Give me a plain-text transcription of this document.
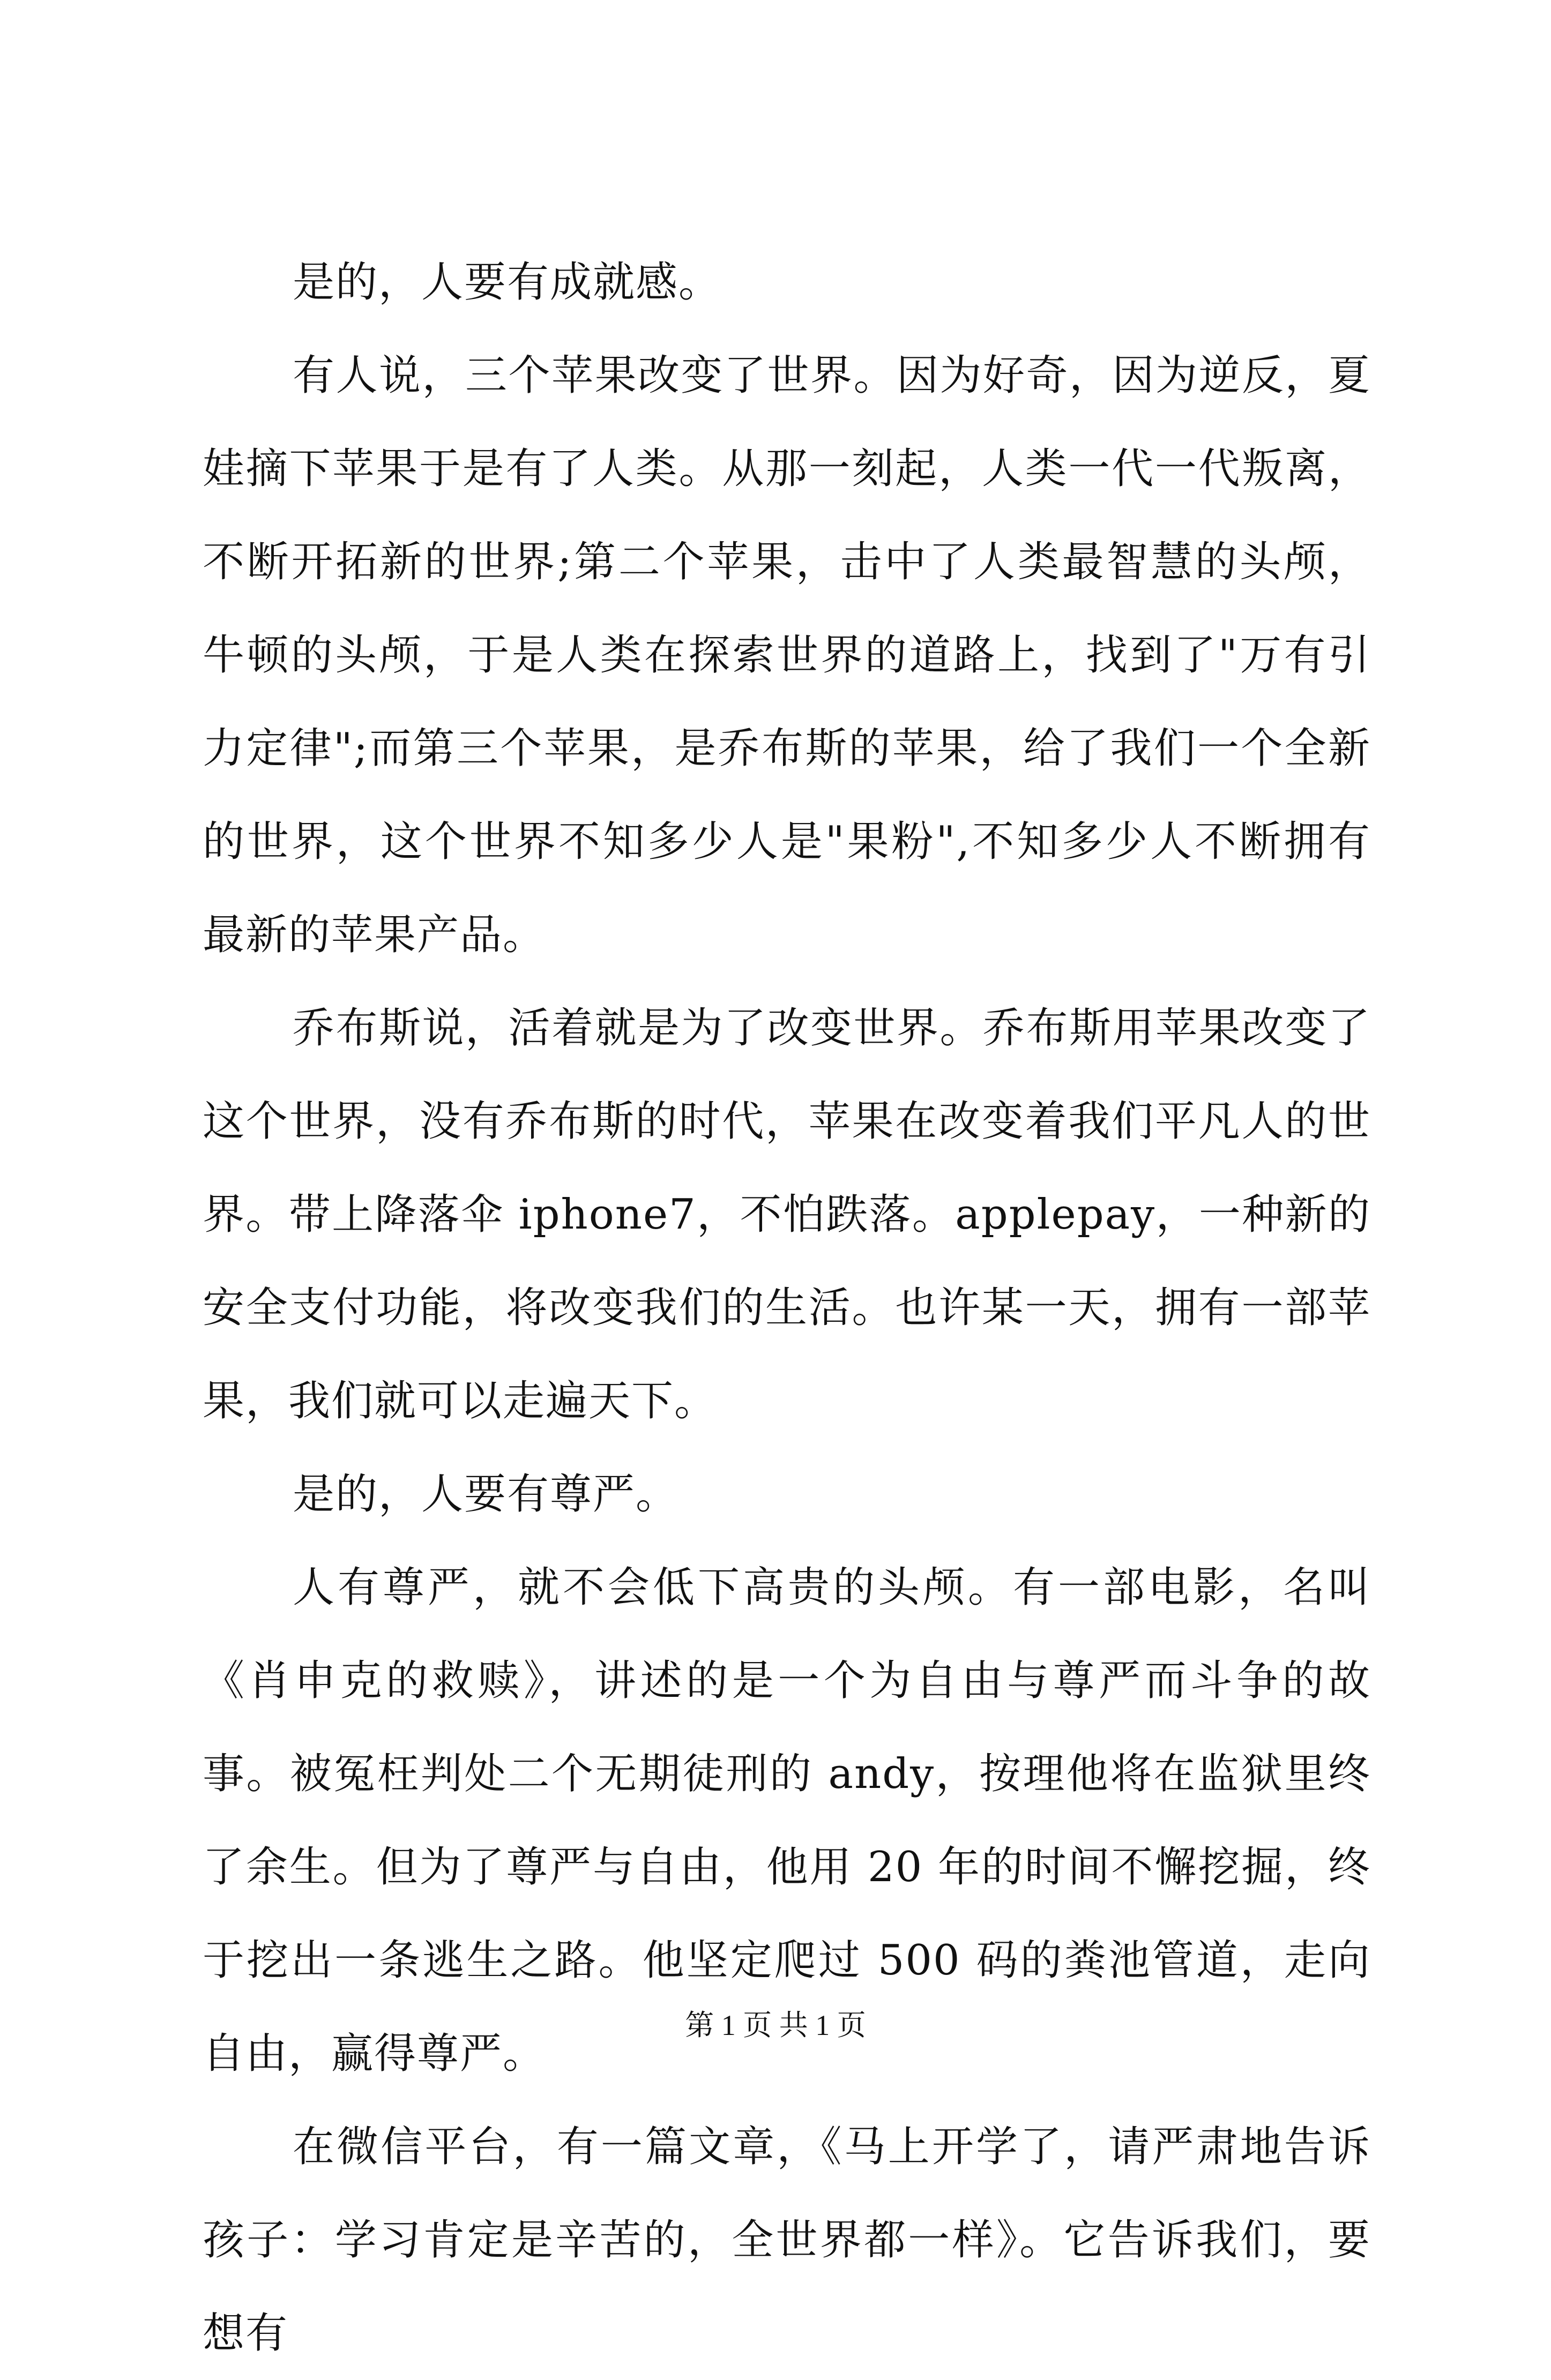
是的，人要有成就感。

有人说，三个苹果改变了世界。因为好奇，因为逆反，夏娃摘下苹果于是有了人类。从那一刻起，人类一代一代叛离，不断开拓新的世界;第二个苹果，击中了人类最智慧的头颅，牛顿的头颅，于是人类在探索世界的道路上，找到了"万有引力定律";而第三个苹果，是乔布斯的苹果，给了我们一个全新的世界，这个世界不知多少人是"果粉",不知多少人不断拥有最新的苹果产品。

乔布斯说，活着就是为了改变世界。乔布斯用苹果改变了这个世界，没有乔布斯的时代，苹果在改变着我们平凡人的世界。带上降落伞 iphone7，不怕跌落。applepay，一种新的安全支付功能，将改变我们的生活。也许某一天，拥有一部苹果，我们就可以走遍天下。

是的，人要有尊严。

人有尊严，就不会低下高贵的头颅。有一部电影，名叫《肖申克的救赎》，讲述的是一个为自由与尊严而斗争的故事。被冤枉判处二个无期徒刑的 andy，按理他将在监狱里终了余生。但为了尊严与自由，他用 20 年的时间不懈挖掘，终于挖出一条逃生之路。他坚定爬过 500 码的粪池管道，走向自由，赢得尊严。

在微信平台，有一篇文章，《马上开学了，请严肃地告诉孩子：学习肯定是辛苦的，全世界都一样》。它告诉我们，要想有

第 1 页 共 1 页
